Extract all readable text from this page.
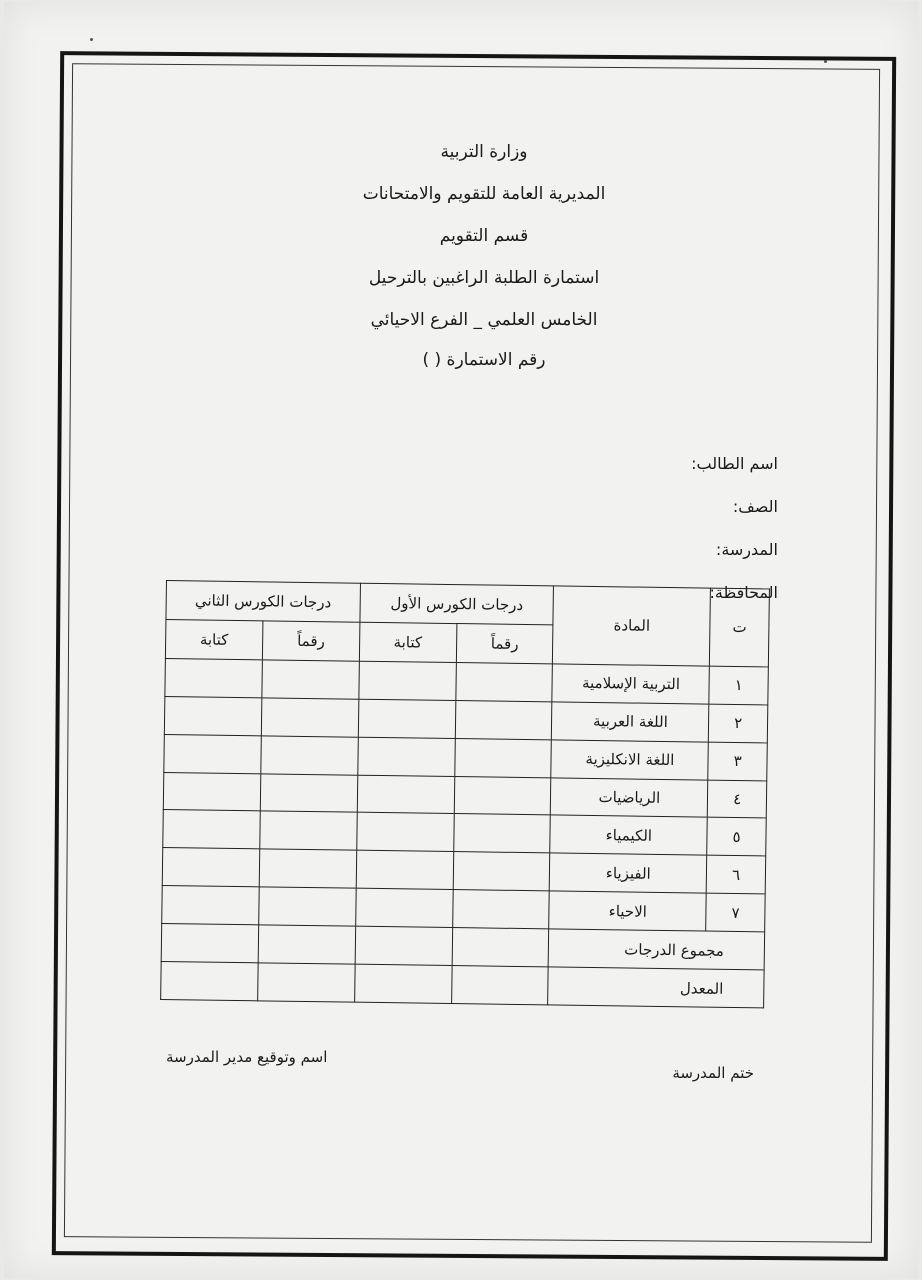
وزارة التربية
المديرية العامة للتقويم والامتحانات
قسم التقويم
استمارة الطلبة الراغبين بالترحيل
الخامس العلمي _ الفرع الاحيائي
رقم الاستمارة ( )
اسم الطالب:
الصف:
المدرسة:
المحافظة:
ت	المادة	درجات الكورس الأول		درجات الكورس الثاني	
		رقماً	كتابة	رقماً	كتابة
١	التربية الإسلامية				
٢	اللغة العربية				
٣	اللغة الانكليزية				
٤	الرياضيات				
٥	الكيمياء				
٦	الفيزياء				
٧	الاحياء				
مجموع الدرجات					
المعدل					
اسم وتوقيع مدير المدرسة
ختم المدرسة
